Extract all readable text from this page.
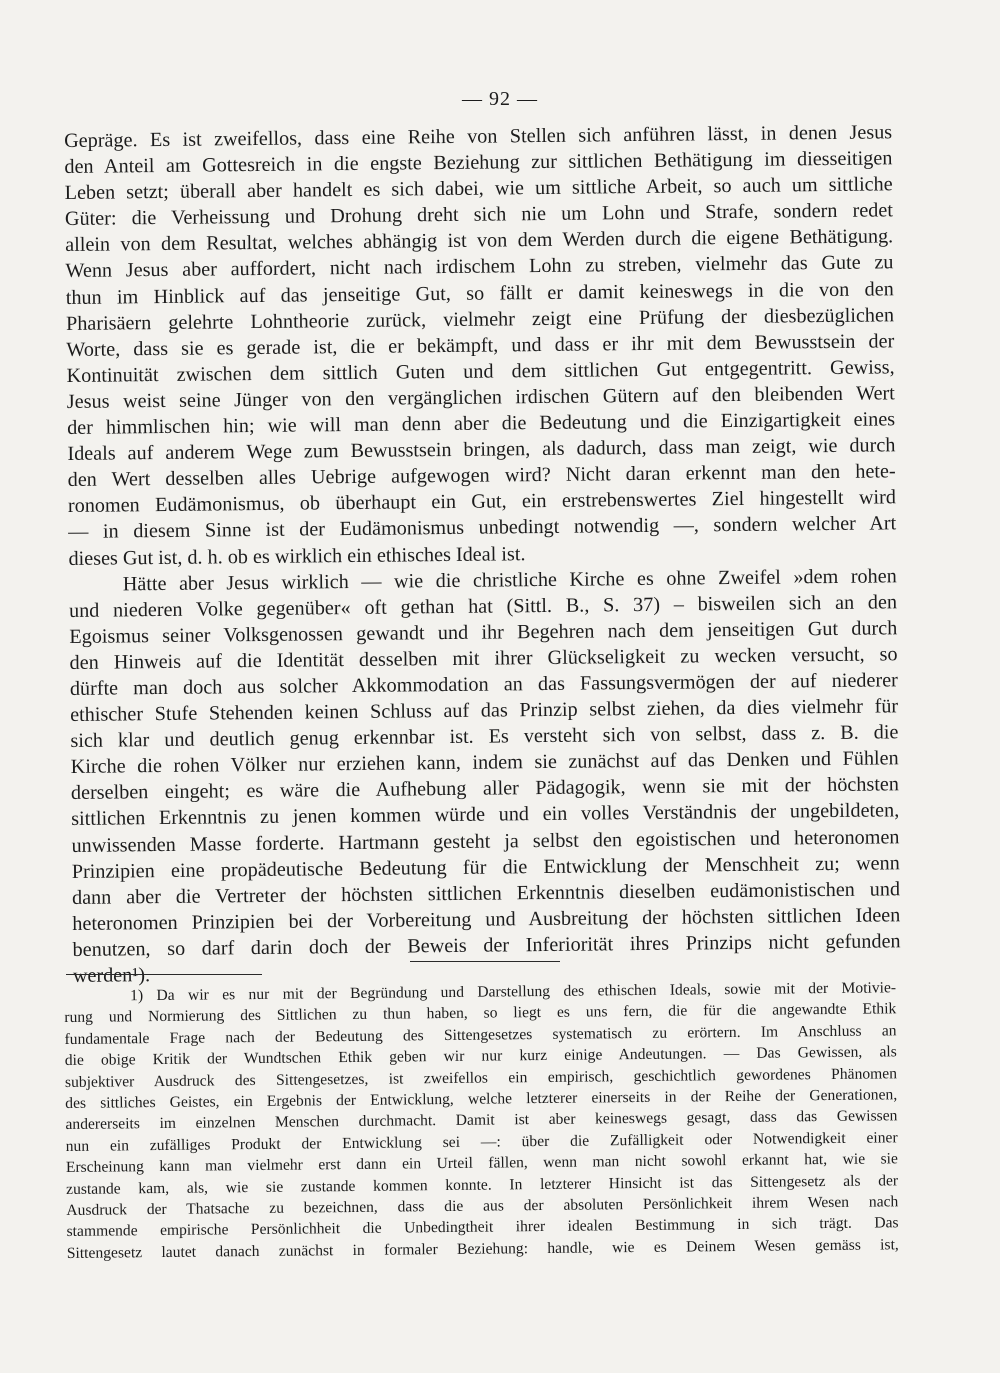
— 92 —
Gepräge. Es ist zweifellos, dass eine Reihe von Stellen sich anführen lässt, in denen Jesus
den Anteil am Gottesreich in die engste Beziehung zur sittlichen Bethätigung im diesseitigen
Leben setzt; überall aber handelt es sich dabei, wie um sittliche Arbeit, so auch um sittliche
Güter: die Verheissung und Drohung dreht sich nie um Lohn und Strafe, sondern redet
allein von dem Resultat, welches abhängig ist von dem Werden durch die eigene Bethätigung.
Wenn Jesus aber auffordert, nicht nach irdischem Lohn zu streben, vielmehr das Gute zu
thun im Hinblick auf das jenseitige Gut, so fällt er damit keineswegs in die von den
Pharisäern gelehrte Lohntheorie zurück, vielmehr zeigt eine Prüfung der diesbezüglichen
Worte, dass sie es gerade ist, die er bekämpft, und dass er ihr mit dem Bewusstsein der
Kontinuität zwischen dem sittlich Guten und dem sittlichen Gut entgegentritt. Gewiss,
Jesus weist seine Jünger von den vergänglichen irdischen Gütern auf den bleibenden Wert
der himmlischen hin; wie will man denn aber die Bedeutung und die Einzigartigkeit eines
Ideals auf anderem Wege zum Bewusstsein bringen, als dadurch, dass man zeigt, wie durch
den Wert desselben alles Uebrige aufgewogen wird? Nicht daran erkennt man den hete-
ronomen Eudämonismus, ob überhaupt ein Gut, ein erstrebenswertes Ziel hingestellt wird
— in diesem Sinne ist der Eudämonismus unbedingt notwendig —, sondern welcher Art
dieses Gut ist, d. h. ob es wirklich ein ethisches Ideal ist.
Hätte aber Jesus wirklich — wie die christliche Kirche es ohne Zweifel »dem rohen
und niederen Volke gegenüber« oft gethan hat (Sittl. B., S. 37) – bisweilen sich an den
Egoismus seiner Volksgenossen gewandt und ihr Begehren nach dem jenseitigen Gut durch
den Hinweis auf die Identität desselben mit ihrer Glückseligkeit zu wecken versucht, so
dürfte man doch aus solcher Akkommodation an das Fassungsvermögen der auf niederer
ethischer Stufe Stehenden keinen Schluss auf das Prinzip selbst ziehen, da dies vielmehr für
sich klar und deutlich genug erkennbar ist. Es versteht sich von selbst, dass z. B. die
Kirche die rohen Völker nur erziehen kann, indem sie zunächst auf das Denken und Fühlen
derselben eingeht; es wäre die Aufhebung aller Pädagogik, wenn sie mit der höchsten
sittlichen Erkenntnis zu jenen kommen würde und ein volles Verständnis der ungebildeten,
unwissenden Masse forderte. Hartmann gesteht ja selbst den egoistischen und heteronomen
Prinzipien eine propädeutische Bedeutung für die Entwicklung der Menschheit zu; wenn
dann aber die Vertreter der höchsten sittlichen Erkenntnis dieselben eudämonistischen und
heteronomen Prinzipien bei der Vorbereitung und Ausbreitung der höchsten sittlichen Ideen
benutzen, so darf darin doch der Beweis der Inferiorität ihres Prinzips nicht gefunden
werden¹).
1) Da wir es nur mit der Begründung und Darstellung des ethischen Ideals, sowie mit der Motivie-
rung und Normierung des Sittlichen zu thun haben, so liegt es uns fern, die für die angewandte Ethik
fundamentale Frage nach der Bedeutung des Sittengesetzes systematisch zu erörtern. Im Anschluss an
die obige Kritik der Wundtschen Ethik geben wir nur kurz einige Andeutungen. — Das Gewissen, als
subjektiver Ausdruck des Sittengesetzes, ist zweifellos ein empirisch, geschichtlich gewordenes Phänomen
des sittliches Geistes, ein Ergebnis der Entwicklung, welche letzterer einerseits in der Reihe der Generationen,
andererseits im einzelnen Menschen durchmacht. Damit ist aber keineswegs gesagt, dass das Gewissen
nun ein zufälliges Produkt der Entwicklung sei —: über die Zufälligkeit oder Notwendigkeit einer
Erscheinung kann man vielmehr erst dann ein Urteil fällen, wenn man nicht sowohl erkannt hat, wie sie
zustande kam, als, wie sie zustande kommen konnte. In letzterer Hinsicht ist das Sittengesetz als der
Ausdruck der Thatsache zu bezeichnen, dass die aus der absoluten Persönlichkeit ihrem Wesen nach
stammende empirische Persönlichheit die Unbedingtheit ihrer idealen Bestimmung in sich trägt. Das
Sittengesetz lautet danach zunächst in formaler Beziehung: handle, wie es Deinem Wesen gemäss ist,
